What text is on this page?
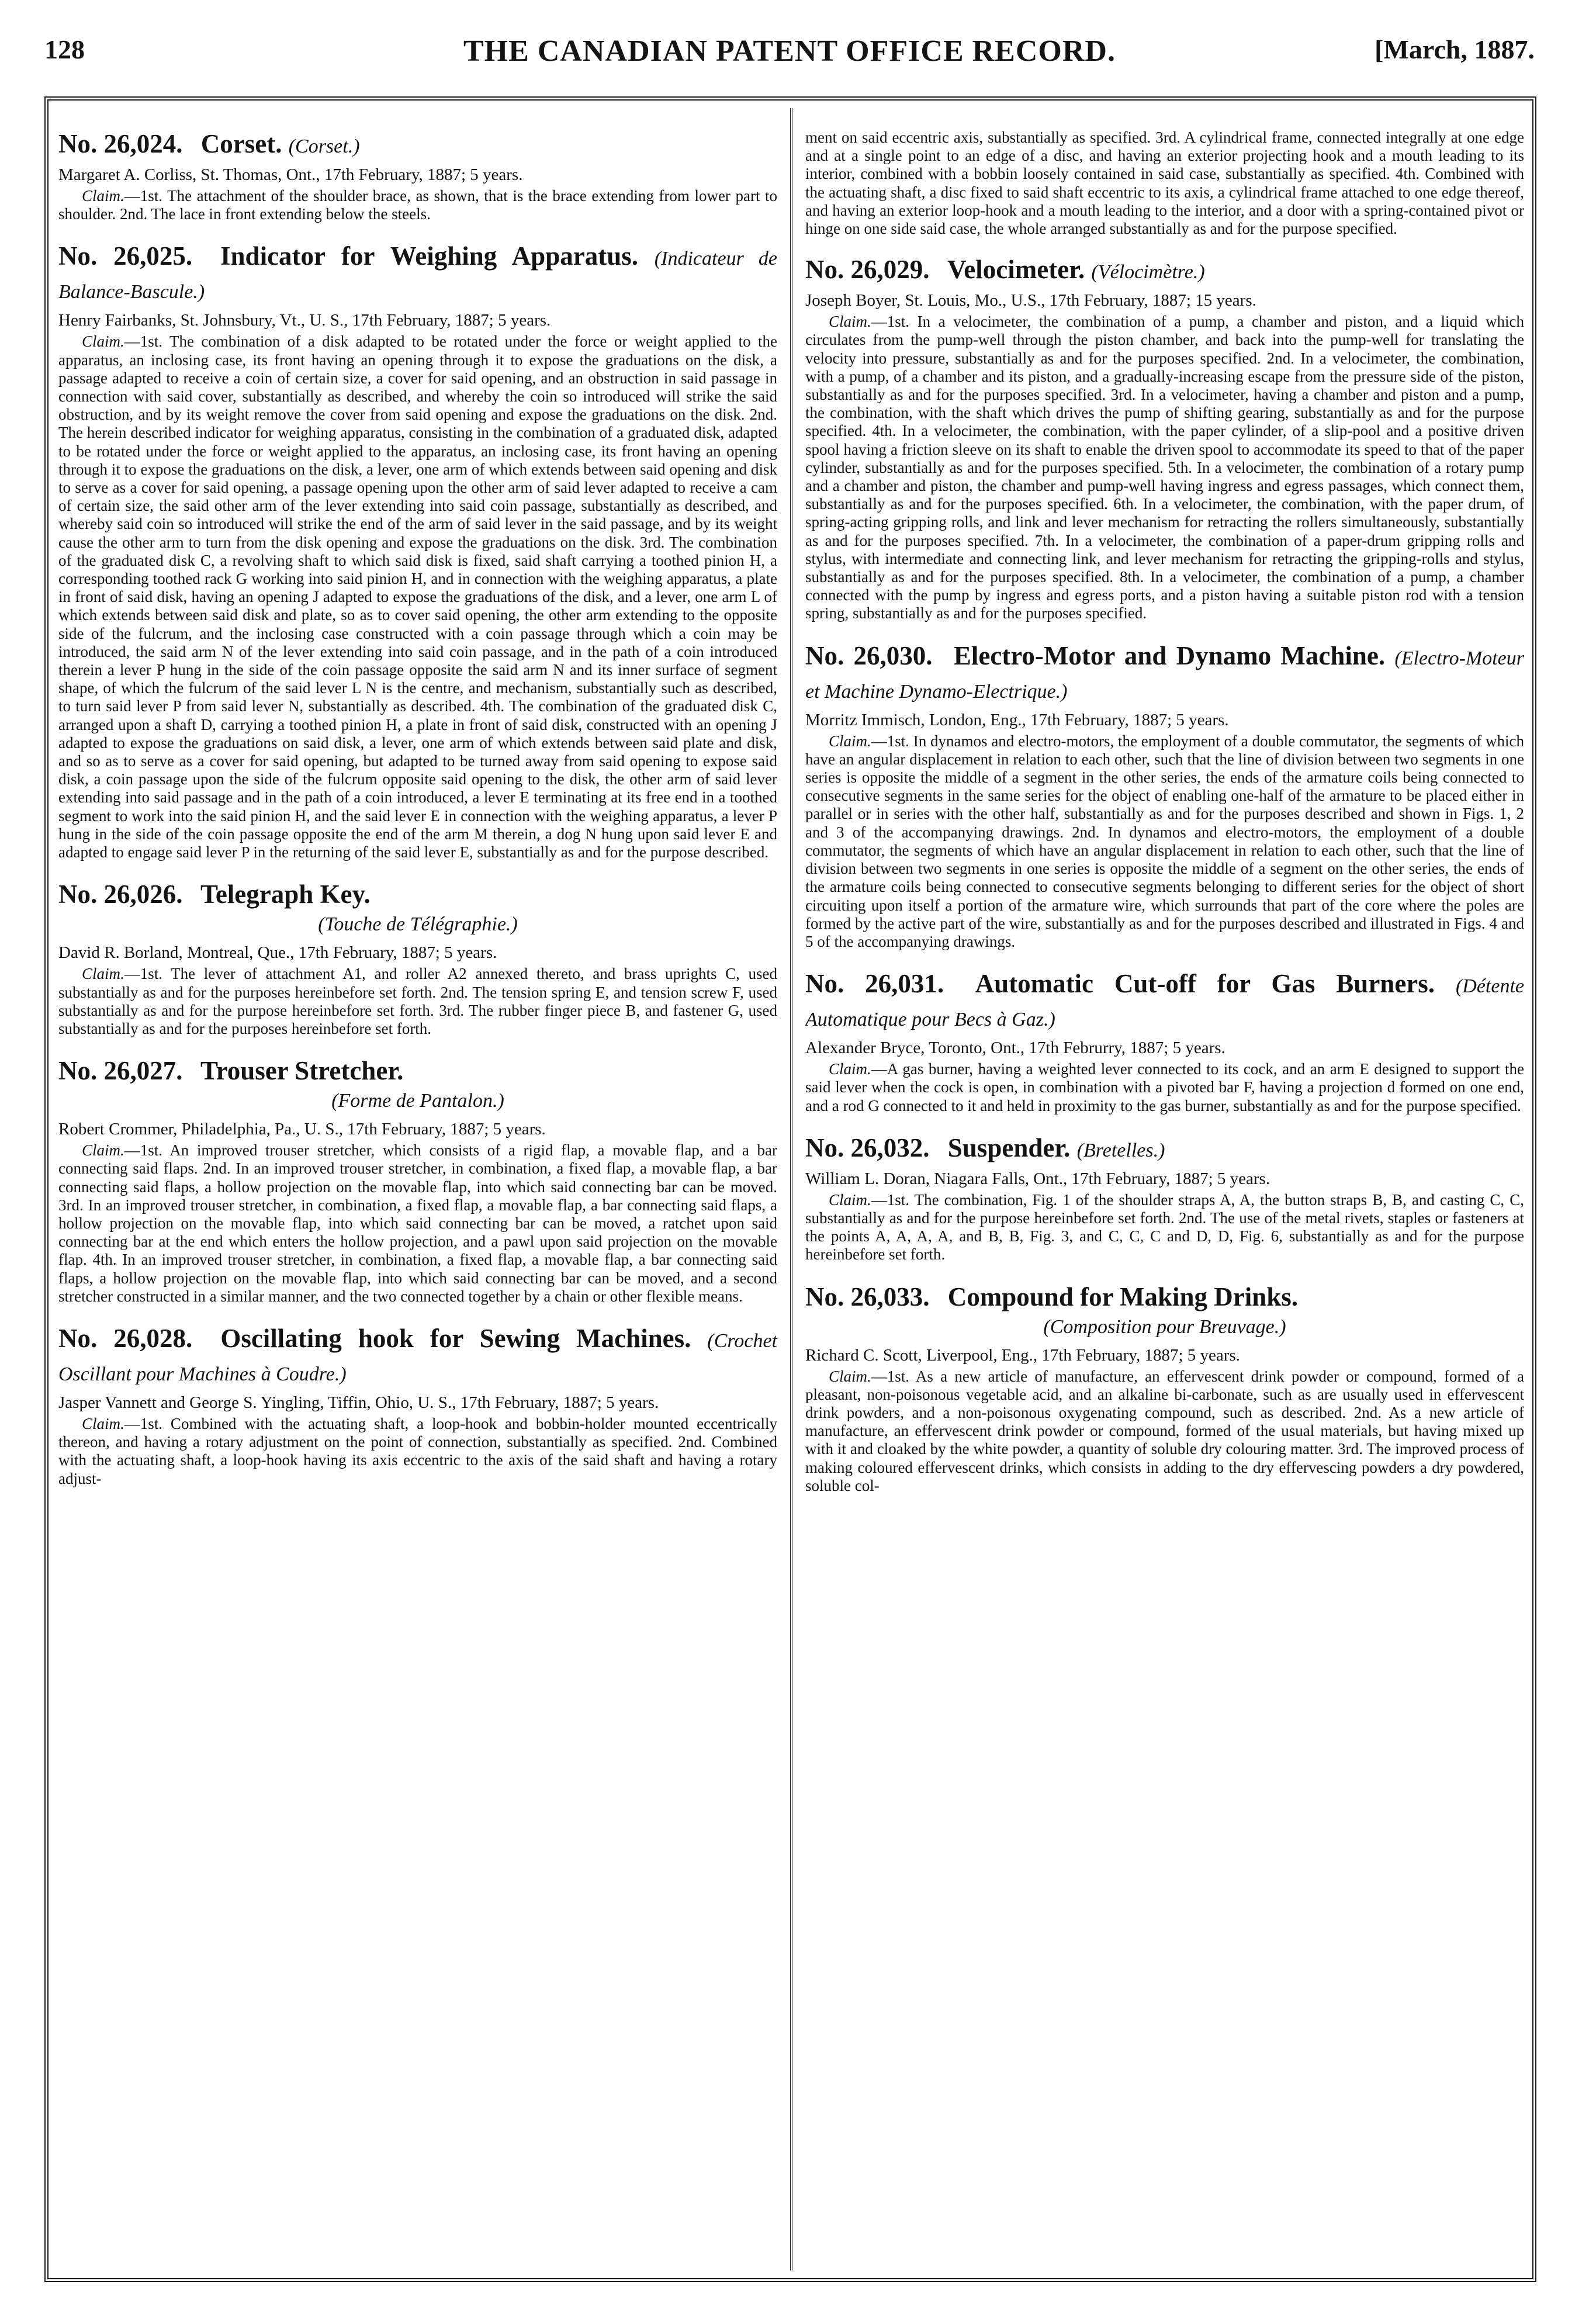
THE CANADIAN PATENT OFFICE RECORD.
128	[March, 1887.
No. 26,024. Corset. (Corset.)
Margaret A. Corliss, St. Thomas, Ont., 17th February, 1887; 5 years.

Claim.—1st. The attachment of the shoulder brace, as shown, that is the brace extending from lower part to shoulder. 2nd. The lace in front extending below the steels.

No. 26,025. Indicator for Weighing Apparatus. (Indicateur de Balance-Bascule.)
Henry Fairbanks, St. Johnsbury, Vt., U. S., 17th February, 1887; 5 years.

Claim.—1st. The combination of a disk adapted to be rotated under the force or weight applied to the apparatus, an inclosing case, its front having an opening through it to expose the graduations on the disk, a passage adapted to receive a coin of certain size, a cover for said opening, and an obstruction in said passage in connection with said cover, substantially as described, and whereby the coin so introduced will strike the said obstruction, and by its weight remove the cover from said opening and expose the graduations on the disk. 2nd. The herein described indicator for weighing apparatus, consisting in the combination of a graduated disk, adapted to be rotated under the force or weight applied to the apparatus, an inclosing case, its front having an opening through it to expose the graduations on the disk, a lever, one arm of which extends between said opening and disk to serve as a cover for said opening, a passage opening upon the other arm of said lever adapted to receive a cam of certain size, the said other arm of the lever extending into said coin passage, substantially as described, and whereby said coin so introduced will strike the end of the arm of said lever in the said passage, and by its weight cause the other arm to turn from the disk opening and expose the graduations on the disk. 3rd. The combination of the graduated disk C, a revolving shaft to which said disk is fixed, said shaft carrying a toothed pinion H, a corresponding toothed rack G working into said pinion H, and in connection with the weighing apparatus, a plate in front of said disk, having an opening J adapted to expose the graduations of the disk, and a lever, one arm L of which extends between said disk and plate, so as to cover said opening, the other arm extending to the opposite side of the fulcrum, and the inclosing case constructed with a coin passage through which a coin may be introduced, the said arm N of the lever extending into said coin passage, and in the path of a coin introduced therein a lever P hung in the side of the coin passage opposite the said arm N and its inner surface of segment shape, of which the fulcrum of the said lever L N is the centre, and mechanism, substantially such as described, to turn said lever P from said lever N, substantially as described. 4th. The combination of the graduated disk C, arranged upon a shaft D, carrying a toothed pinion H, a plate in front of said disk, constructed with an opening J adapted to expose the graduations on said disk, a lever, one arm of which extends between said plate and disk, and so as to serve as a cover for said opening, but adapted to be turned away from said opening to expose said disk, a coin passage upon the side of the fulcrum opposite said opening to the disk, the other arm of said lever extending into said passage and in the path of a coin introduced, a lever E terminating at its free end in a toothed segment to work into the said pinion H, and the said lever E in connection with the weighing apparatus, a lever P hung in the side of the coin passage opposite the end of the arm M therein, a dog N hung upon said lever E and adapted to engage said lever P in the returning of the said lever E, substantially as and for the purpose described.

No. 26,026. Telegraph Key.
(Touche de Télégraphie.)
David R. Borland, Montreal, Que., 17th February, 1887; 5 years.

Claim.—1st. The lever of attachment A1, and roller A2 annexed thereto, and brass uprights C, used substantially as and for the purposes hereinbefore set forth. 2nd. The tension spring E, and tension screw F, used substantially as and for the purpose hereinbefore set forth. 3rd. The rubber finger piece B, and fastener G, used substantially as and for the purposes hereinbefore set forth.

No. 26,027. Trouser Stretcher.
(Forme de Pantalon.)
Robert Crommer, Philadelphia, Pa., U. S., 17th February, 1887; 5 years.

Claim.—1st. An improved trouser stretcher, which consists of a rigid flap, a movable flap, and a bar connecting said flaps. 2nd. In an improved trouser stretcher, in combination, a fixed flap, a movable flap, a bar connecting said flaps, a hollow projection on the movable flap, into which said connecting bar can be moved. 3rd. In an improved trouser stretcher, in combination, a fixed flap, a movable flap, a bar connecting said flaps, a hollow projection on the movable flap, into which said connecting bar can be moved, a ratchet upon said connecting bar at the end which enters the hollow projection, and a pawl upon said projection on the movable flap. 4th. In an improved trouser stretcher, in combination, a fixed flap, a movable flap, a bar connecting said flaps, a hollow projection on the movable flap, into which said connecting bar can be moved, and a second stretcher constructed in a similar manner, and the two connected together by a chain or other flexible means.

No. 26,028. Oscillating hook for Sewing Machines. (Crochet Oscillant pour Machines à Coudre.)
Jasper Vannett and George S. Yingling, Tiffin, Ohio, U. S., 17th February, 1887; 5 years.

Claim.—1st. Combined with the actuating shaft, a loop-hook and bobbin-holder mounted eccentrically thereon, and having a rotary adjustment on the point of connection, substantially as specified. 2nd. Combined with the actuating shaft, a loop-hook having its axis eccentric to the axis of the said shaft and having a rotary adjust-

ment on said eccentric axis, substantially as specified. 3rd. A cylindrical frame, connected integrally at one edge and at a single point to an edge of a disc, and having an exterior projecting hook and a mouth leading to its interior, combined with a bobbin loosely contained in said case, substantially as specified. 4th. Combined with the actuating shaft, a disc fixed to said shaft eccentric to its axis, a cylindrical frame attached to one edge thereof, and having an exterior loop-hook and a mouth leading to the interior, and a door with a spring-contained pivot or hinge on one side said case, the whole arranged substantially as and for the purpose specified.

No. 26,029. Velocimeter. (Vélocimètre.)
Joseph Boyer, St. Louis, Mo., U.S., 17th February, 1887; 15 years.

Claim.—1st. In a velocimeter, the combination of a pump, a chamber and piston, and a liquid which circulates from the pump-well through the piston chamber, and back into the pump-well for translating the velocity into pressure, substantially as and for the purposes specified. 2nd. In a velocimeter, the combination, with a pump, of a chamber and its piston, and a gradually-increasing escape from the pressure side of the piston, substantially as and for the purposes specified. 3rd. In a velocimeter, having a chamber and piston and a pump, the combination, with the shaft which drives the pump of shifting gearing, substantially as and for the purpose specified. 4th. In a velocimeter, the combination, with the paper cylinder, of a slip-pool and a positive driven spool having a friction sleeve on its shaft to enable the driven spool to accommodate its speed to that of the paper cylinder, substantially as and for the purposes specified. 5th. In a velocimeter, the combination of a rotary pump and a chamber and piston, the chamber and pump-well having ingress and egress passages, which connect them, substantially as and for the purposes specified. 6th. In a velocimeter, the combination, with the paper drum, of spring-acting gripping rolls, and link and lever mechanism for retracting the rollers simultaneously, substantially as and for the purposes specified. 7th. In a velocimeter, the combination of a paper-drum gripping rolls and stylus, with intermediate and connecting link, and lever mechanism for retracting the gripping-rolls and stylus, substantially as and for the purposes specified. 8th. In a velocimeter, the combination of a pump, a chamber connected with the pump by ingress and egress ports, and a piston having a suitable piston rod with a tension spring, substantially as and for the purposes specified.

No. 26,030. Electro-Motor and Dynamo Machine. (Electro-Moteur et Machine Dynamo-Electrique.)
Morritz Immisch, London, Eng., 17th February, 1887; 5 years.

Claim.—1st. In dynamos and electro-motors, the employment of a double commutator, the segments of which have an angular displacement in relation to each other, such that the line of division between two segments in one series is opposite the middle of a segment in the other series, the ends of the armature coils being connected to consecutive segments in the same series for the object of enabling one-half of the armature to be placed either in parallel or in series with the other half, substantially as and for the purposes described and shown in Figs. 1, 2 and 3 of the accompanying drawings. 2nd. In dynamos and electro-motors, the employment of a double commutator, the segments of which have an angular displacement in relation to each other, such that the line of division between two segments in one series is opposite the middle of a segment on the other series, the ends of the armature coils being connected to consecutive segments belonging to different series for the object of short circuiting upon itself a portion of the armature wire, which surrounds that part of the core where the poles are formed by the active part of the wire, substantially as and for the purposes described and illustrated in Figs. 4 and 5 of the accompanying drawings.

No. 26,031. Automatic Cut-off for Gas Burners. (Détente Automatique pour Becs à Gaz.)
Alexander Bryce, Toronto, Ont., 17th Februrry, 1887; 5 years.

Claim.—A gas burner, having a weighted lever connected to its cock, and an arm E designed to support the said lever when the cock is open, in combination with a pivoted bar F, having a projection d formed on one end, and a rod G connected to it and held in proximity to the gas burner, substantially as and for the purpose specified.

No. 26,032. Suspender. (Bretelles.)
William L. Doran, Niagara Falls, Ont., 17th February, 1887; 5 years.

Claim.—1st. The combination, Fig. 1 of the shoulder straps A, A, the button straps B, B, and casting C, C, substantially as and for the purpose hereinbefore set forth. 2nd. The use of the metal rivets, staples or fasteners at the points A, A, A, A, and B, B, Fig. 3, and C, C, C and D, D, Fig. 6, substantially as and for the purpose hereinbefore set forth.

No. 26,033. Compound for Making Drinks.
(Composition pour Breuvage.)
Richard C. Scott, Liverpool, Eng., 17th February, 1887; 5 years.

Claim.—1st. As a new article of manufacture, an effervescent drink powder or compound, formed of a pleasant, non-poisonous vegetable acid, and an alkaline bi-carbonate, such as are usually used in effervescent drink powders, and a non-poisonous oxygenating compound, such as described. 2nd. As a new article of manufacture, an effervescent drink powder or compound, formed of the usual materials, but having mixed up with it and cloaked by the white powder, a quantity of soluble dry colouring matter. 3rd. The improved process of making coloured effervescent drinks, which consists in adding to the dry effervescing powders a dry powdered, soluble col-
